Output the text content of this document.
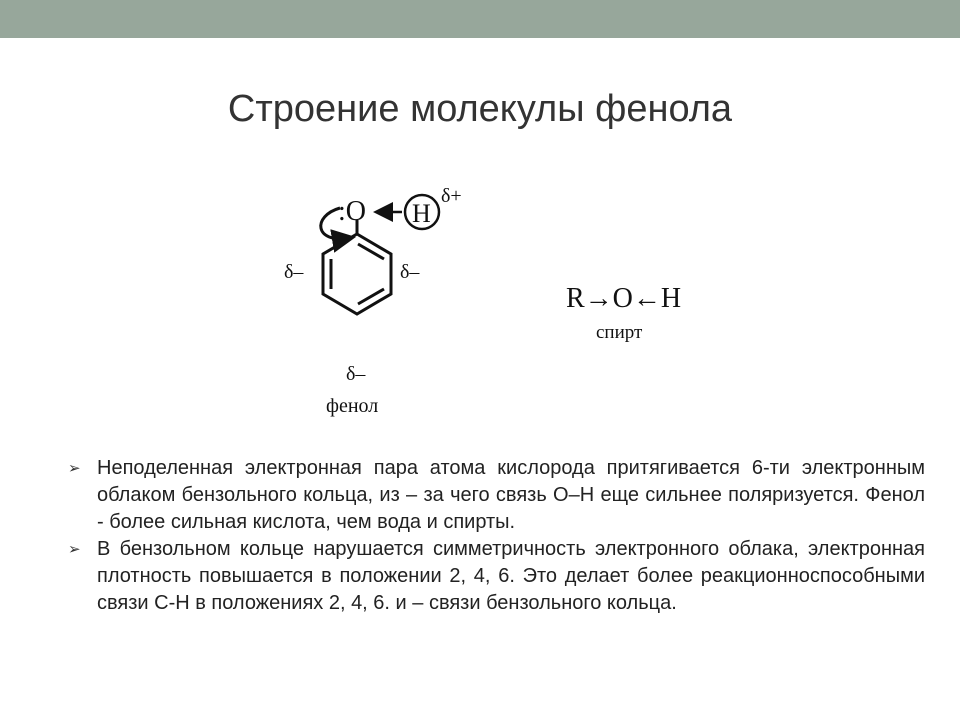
Строение молекулы фенола
:O H
δ+
δ–	δ–
δ–
фенол
R→O←H
спирт
➢ Неподеленная электронная пара атома кислорода притягивается 6-ти электронным облаком бензольного кольца, из – за чего связь О–Н еще сильнее поляризуется. Фенол - более сильная кислота, чем вода и спирты.
➢ В бензольном кольце нарушается симметричность электронного облака, электронная плотность повышается в положении 2, 4, 6. Это делает более реакционноспособными связи С-Н в положениях 2, 4, 6. и – связи бензольного кольца.
